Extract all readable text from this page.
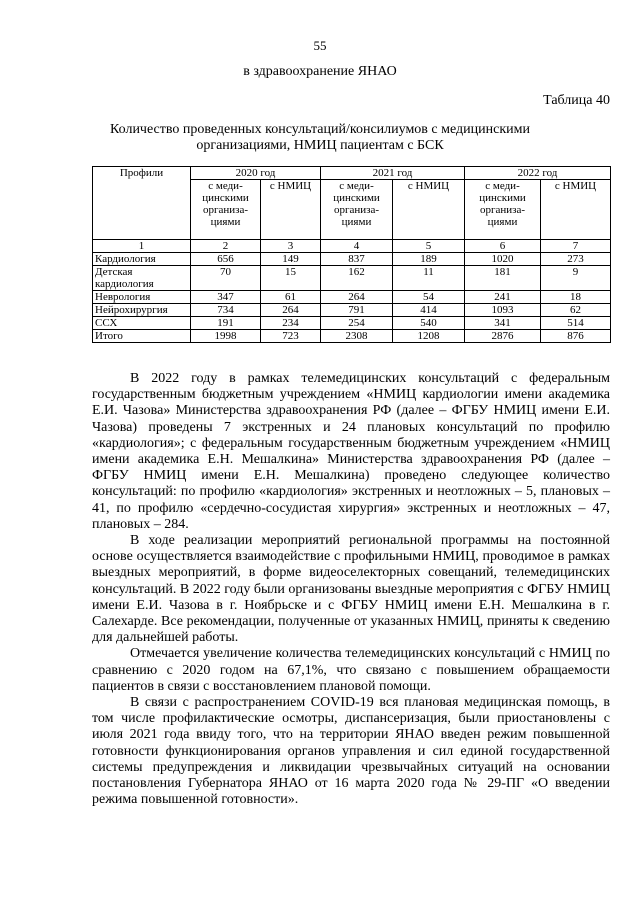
55
в здравоохранение ЯНАО
Таблица 40
Количество проведенных консультаций/консилиумов с медицинскими организациями, НМИЦ пациентам с БСК
Профили	2020 год		2021 год		2022 год	
	с меди-цинскими организа-циями	с НМИЦ	с меди-цинскими организа-циями	с НМИЦ	с меди-цинскими организа-циями	с НМИЦ
1	2	3	4	5	6	7
Кардиология	656	149	837	189	1020	273
Детская кардиология	70	15	162	11	181	9
Неврология	347	61	264	54	241	18
Нейрохирургия	734	264	791	414	1093	62
ССХ	191	234	254	540	341	514
Итого	1998	723	2308	1208	2876	876

В 2022 году в рамках телемедицинских консультаций с федеральным государственным бюджетным учреждением «НМИЦ кардиологии имени академика Е.И. Чазова» Министерства здравоохранения РФ (далее – ФГБУ НМИЦ имени Е.И. Чазова) проведены 7 экстренных и 24 плановых консультаций по профилю «кардиология»; с федеральным государственным бюджетным учреждением «НМИЦ имени академика Е.Н. Мешалкина» Министерства здравоохранения РФ (далее – ФГБУ НМИЦ имени Е.Н. Мешалкина) проведено следующее количество консультаций: по профилю «кардиология» экстренных и неотложных – 5, плановых – 41, по профилю «сердечно-сосудистая хирургия» экстренных и неотложных – 47, плановых – 284.

В ходе реализации мероприятий региональной программы на постоянной основе осуществляется взаимодействие с профильными НМИЦ, проводимое в рамках выездных мероприятий, в форме видеоселекторных совещаний, телемедицинских консультаций. В 2022 году были организованы выездные мероприятия с ФГБУ НМИЦ имени Е.И. Чазова в г. Ноябрьске и с ФГБУ НМИЦ имени Е.Н. Мешалкина в г. Салехарде. Все рекомендации, полученные от указанных НМИЦ, приняты к сведению для дальнейшей работы.

Отмечается увеличение количества телемедицинских консультаций с НМИЦ по сравнению с 2020 годом на 67,1%, что связано с повышением обращаемости пациентов в связи с восстановлением плановой помощи.

В связи с распространением COVID-19 вся плановая медицинская помощь, в том числе профилактические осмотры, диспансеризация, были приостановлены с июля 2021 года ввиду того, что на территории ЯНАО введен режим повышенной готовности функционирования органов управления и сил единой государственной системы предупреждения и ликвидации чрезвычайных ситуаций на основании постановления Губернатора ЯНАО от 16 марта 2020 года № 29-ПГ «О введении режима повышенной готовности».
